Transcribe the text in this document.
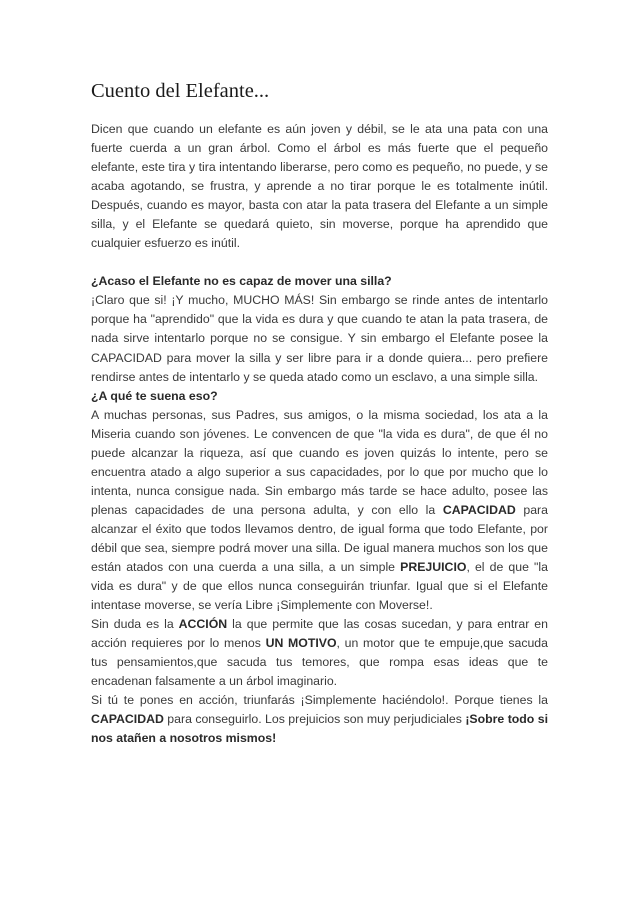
Cuento del Elefante...

Dicen que cuando un elefante es aún joven y débil, se le ata una pata con una fuerte cuerda a un gran árbol. Como el árbol es más fuerte que el pequeño elefante, este tira y tira intentando liberarse, pero como es pequeño, no puede, y se acaba agotando, se frustra, y aprende a no tirar porque le es totalmente inútil. Después, cuando es mayor, basta con atar la pata trasera del Elefante a un simple silla, y el Elefante se quedará quieto, sin moverse, porque ha aprendido que cualquier esfuerzo es inútil.

¿Acaso el Elefante no es capaz de mover una silla?

¡Claro que si! ¡Y mucho, MUCHO MÁS! Sin embargo se rinde antes de intentarlo porque ha "aprendido" que la vida es dura y que cuando te atan la pata trasera, de nada sirve intentarlo porque no se consigue. Y sin embargo el Elefante posee la CAPACIDAD para mover la silla y ser libre para ir a donde quiera... pero prefiere rendirse antes de intentarlo y se queda atado como un esclavo, a una simple silla.

¿A qué te suena eso?

A muchas personas, sus Padres, sus amigos, o la misma sociedad, los ata a la Miseria cuando son jóvenes. Le convencen de que "la vida es dura", de que él no puede alcanzar la riqueza, así que cuando es joven quizás lo intente, pero se encuentra atado a algo superior a sus capacidades, por lo que por mucho que lo intenta, nunca consigue nada. Sin embargo más tarde se hace adulto, posee las plenas capacidades de una persona adulta, y con ello la CAPACIDAD para alcanzar el éxito que todos llevamos dentro, de igual forma que todo Elefante, por débil que sea, siempre podrá mover una silla. De igual manera muchos son los que están atados con una cuerda a una silla, a un simple PREJUICIO, el de que "la vida es dura" y de que ellos nunca conseguirán triunfar. Igual que si el Elefante intentase moverse, se vería Libre ¡Simplemente con Moverse!.

Sin duda es la ACCIÓN la que permite que las cosas sucedan, y para entrar en acción requieres por lo menos UN MOTIVO, un motor que te empuje,que sacuda tus pensamientos,que sacuda tus temores, que rompa esas ideas que te encadenan falsamente a un árbol imaginario.

Si tú te pones en acción, triunfarás ¡Simplemente haciéndolo!. Porque tienes la CAPACIDAD para conseguirlo. Los prejuicios son muy perjudiciales ¡Sobre todo si nos atañen a nosotros mismos!
